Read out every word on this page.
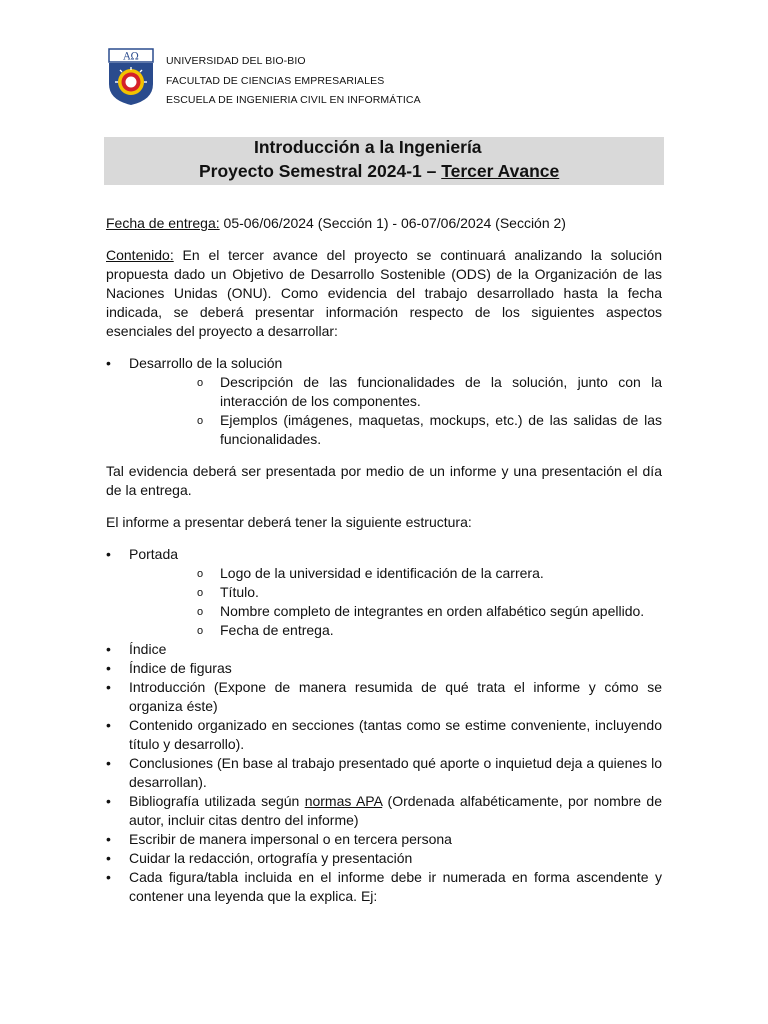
AΩ	UNIVERSIDAD DEL BIO-BIO
FACULTAD DE CIENCIAS EMPRESARIALES
ESCUELA DE INGENIERIA CIVIL EN INFORMÁTICA
Introducción a la Ingeniería
Proyecto Semestral 2024-1 – Tercer Avance

Fecha de entrega: 05-06/06/2024 (Sección 1) - 06-07/06/2024 (Sección 2)

Contenido: En el tercer avance del proyecto se continuará analizando la solución propuesta dado un Objetivo de Desarrollo Sostenible (ODS) de la Organización de las Naciones Unidas (ONU). Como evidencia del trabajo desarrollado hasta la fecha indicada, se deberá presentar información respecto de los siguientes aspectos esenciales del proyecto a desarrollar:

• Desarrollo de la solución
o Descripción de las funcionalidades de la solución, junto con la interacción de los componentes.
o Ejemplos (imágenes, maquetas, mockups, etc.) de las salidas de las funcionalidades.

Tal evidencia deberá ser presentada por medio de un informe y una presentación el día de la entrega.

El informe a presentar deberá tener la siguiente estructura:

• Portada
o Logo de la universidad e identificación de la carrera.
o Título.
o Nombre completo de integrantes en orden alfabético según apellido.
o Fecha de entrega.
• Índice
• Índice de figuras
• Introducción (Expone de manera resumida de qué trata el informe y cómo se organiza éste)
• Contenido organizado en secciones (tantas como se estime conveniente, incluyendo título y desarrollo).
• Conclusiones (En base al trabajo presentado qué aporte o inquietud deja a quienes lo desarrollan).
• Bibliografía utilizada según normas APA (Ordenada alfabéticamente, por nombre de autor, incluir citas dentro del informe)
• Escribir de manera impersonal o en tercera persona
• Cuidar la redacción, ortografía y presentación
• Cada figura/tabla incluida en el informe debe ir numerada en forma ascendente y contener una leyenda que la explica. Ej:
